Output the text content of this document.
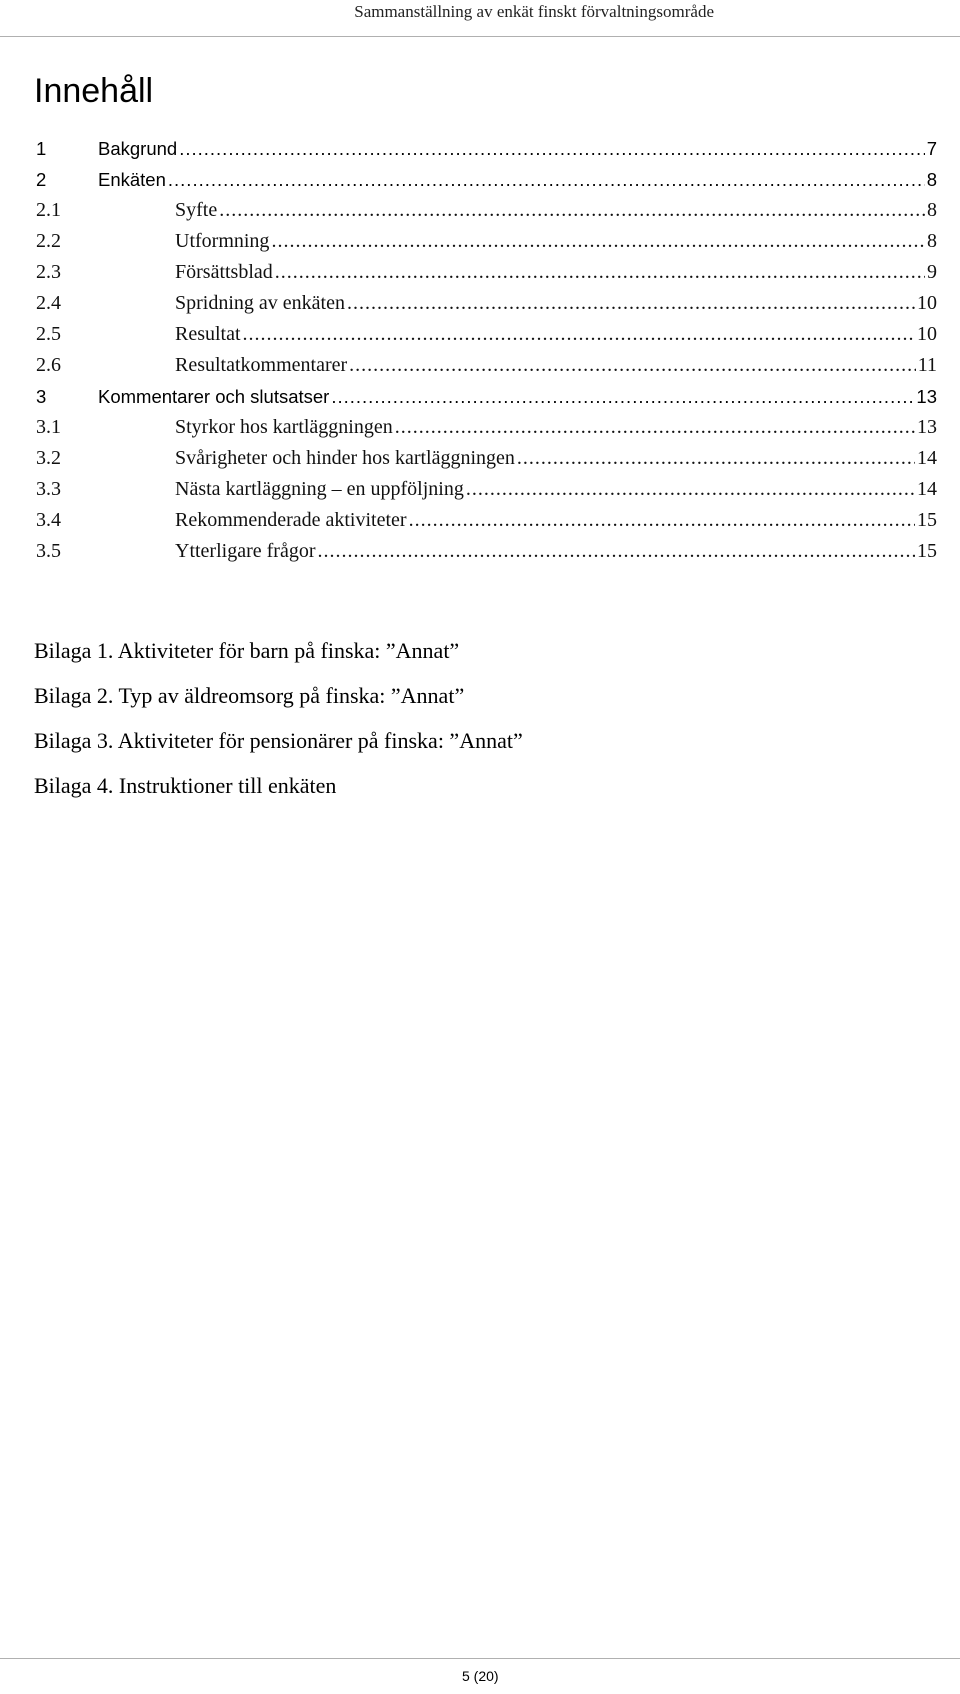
Sammanställning av enkät finskt förvaltningsområde
Innehåll
1	Bakgrund .....	7
2	Enkäten .....	8
2.1	Syfte .....	8
2.2	Utformning .....	8
2.3	Försättsblad .....	9
2.4	Spridning av enkäten .....	10
2.5	Resultat .....	10
2.6	Resultatkommentarer .....	11
3	Kommentarer och slutsatser .....	13
3.1	Styrkor hos kartläggningen .....	13
3.2	Svårigheter och hinder hos kartläggningen .....	14
3.3	Nästa kartläggning – en uppföljning .....	14
3.4	Rekommenderade aktiviteter .....	15
3.5	Ytterligare frågor .....	15
Bilaga 1. Aktiviteter för barn på finska: ”Annat”
Bilaga 2. Typ av äldreomsorg på finska: ”Annat”
Bilaga 3. Aktiviteter för pensionärer på finska: ”Annat”
Bilaga 4. Instruktioner till enkäten
5 (20)
